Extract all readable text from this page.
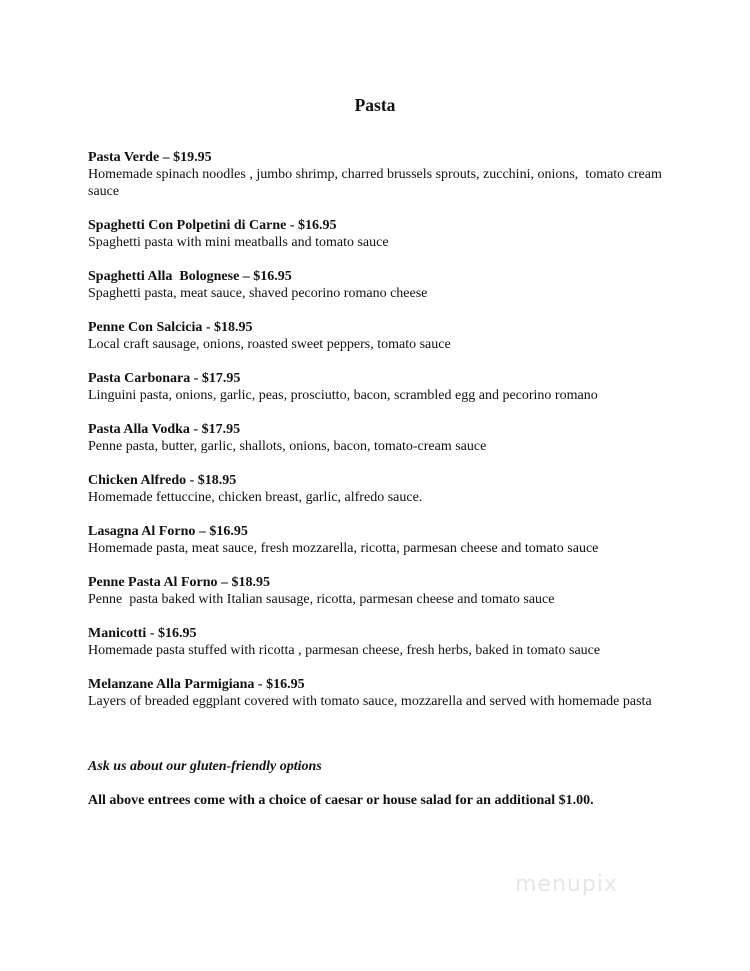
Pasta
Pasta Verde – $19.95
Homemade spinach noodles , jumbo shrimp, charred brussels sprouts, zucchini, onions,  tomato cream sauce
Spaghetti Con Polpetini di Carne - $16.95
Spaghetti pasta with mini meatballs and tomato sauce
Spaghetti Alla  Bolognese – $16.95
Spaghetti pasta, meat sauce, shaved pecorino romano cheese
Penne Con Salcicia - $18.95
Local craft sausage, onions, roasted sweet peppers, tomato sauce
Pasta Carbonara - $17.95
Linguini pasta, onions, garlic, peas, prosciutto, bacon, scrambled egg and pecorino romano
Pasta Alla Vodka - $17.95
Penne pasta, butter, garlic, shallots, onions, bacon, tomato-cream sauce
Chicken Alfredo - $18.95
Homemade fettuccine, chicken breast, garlic, alfredo sauce.
Lasagna Al Forno – $16.95
Homemade pasta, meat sauce, fresh mozzarella, ricotta, parmesan cheese and tomato sauce
Penne Pasta Al Forno – $18.95
Penne  pasta baked with Italian sausage, ricotta, parmesan cheese and tomato sauce
Manicotti - $16.95
Homemade pasta stuffed with ricotta , parmesan cheese, fresh herbs, baked in tomato sauce
Melanzane Alla Parmigiana - $16.95
Layers of breaded eggplant covered with tomato sauce, mozzarella and served with homemade pasta
Ask us about our gluten-friendly options
All above entrees come with a choice of caesar or house salad for an additional $1.00.
menupix
